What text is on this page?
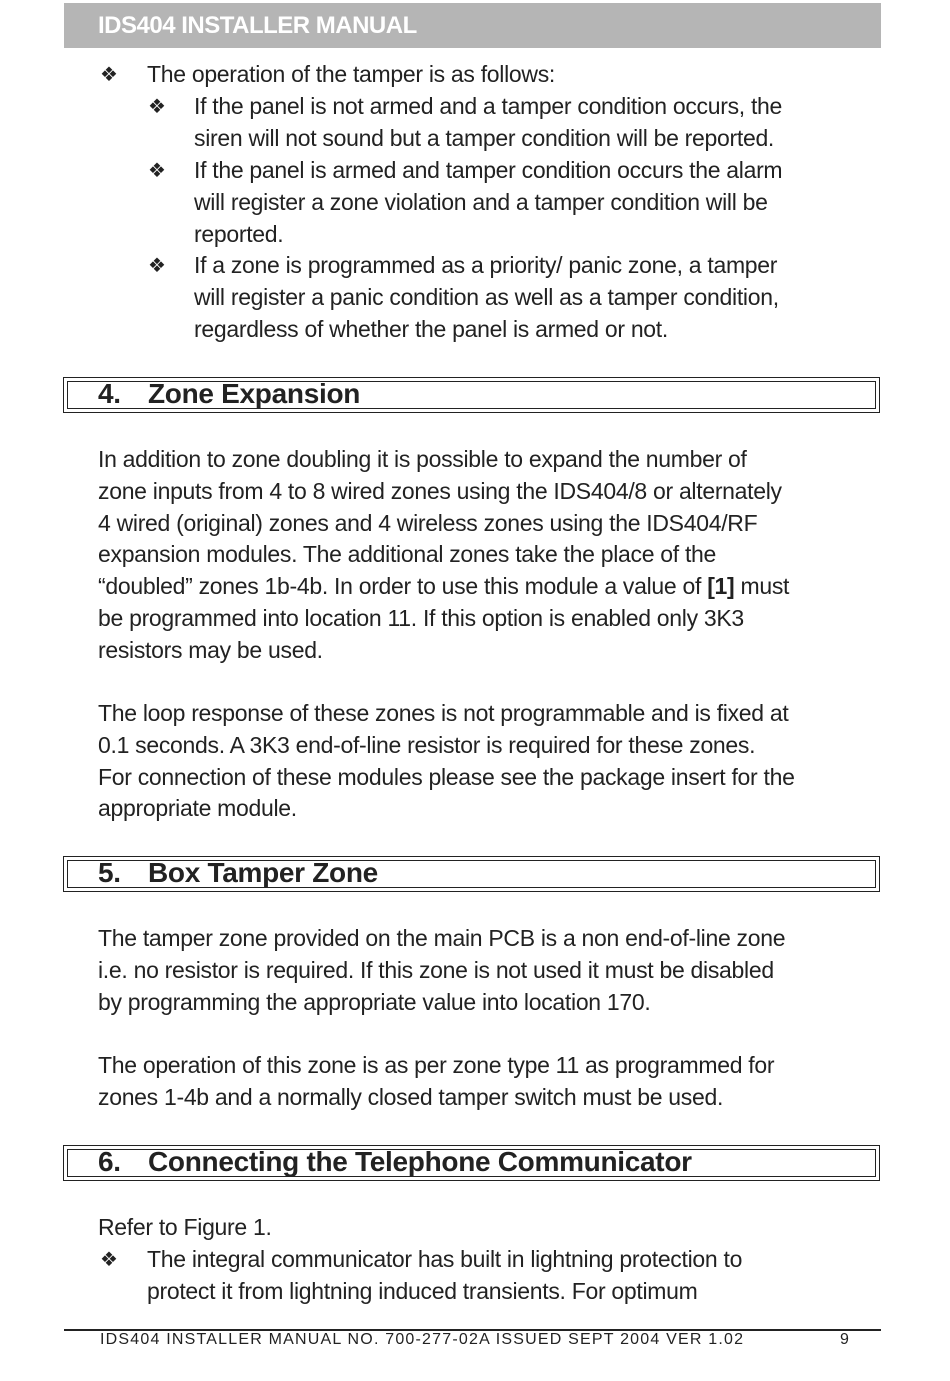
IDS404 INSTALLER MANUAL
❖ The operation of the tamper is as follows:
❖ If the panel is not armed and a tamper condition occurs, the
siren will not sound but a tamper condition will be reported.
❖ If the panel is armed and tamper condition occurs the alarm
will register a zone violation and a tamper condition will be
reported.
❖ If a zone is programmed as a priority/ panic zone, a tamper
will register a panic condition as well as a tamper condition,
regardless of whether the panel is armed or not.
4. Zone Expansion
In addition to zone doubling it is possible to expand the number of
zone inputs from 4 to 8 wired zones using the IDS404/8 or alternately
4 wired (original) zones and 4 wireless zones using the IDS404/RF
expansion modules. The additional zones take the place of the
“doubled” zones 1b-4b. In order to use this module a value of [1] must
be programmed into location 11. If this option is enabled only 3K3
resistors may be used.
The loop response of these zones is not programmable and is fixed at
0.1 seconds. A 3K3 end-of-line resistor is required for these zones.
For connection of these modules please see the package insert for the
appropriate module.
5. Box Tamper Zone
The tamper zone provided on the main PCB is a non end-of-line zone
i.e. no resistor is required. If this zone is not used it must be disabled
by programming the appropriate value into location 170.
The operation of this zone is as per zone type 11 as programmed for
zones 1-4b and a normally closed tamper switch must be used.
6. Connecting the Telephone Communicator
Refer to Figure 1.
❖ The integral communicator has built in lightning protection to
protect it from lightning induced transients. For optimum
IDS404 INSTALLER MANUAL NO. 700-277-02A ISSUED SEPT 2004 VER 1.02	9
